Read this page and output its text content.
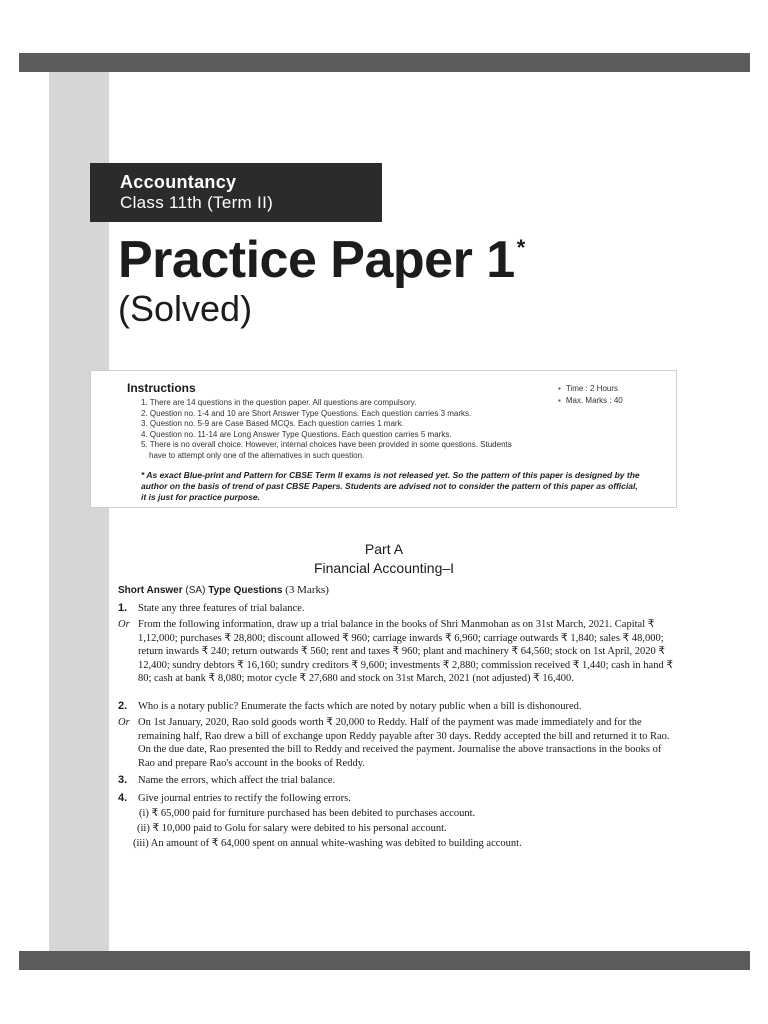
Accountancy
Class 11th (Term II)
Practice Paper 1*
(Solved)
Instructions
1. There are 14 questions in the question paper. All questions are compulsory.
2. Question no. 1-4 and 10 are Short Answer Type Questions. Each question carries 3 marks.
3. Question no. 5-9 are Case Based MCQs. Each question carries 1 mark.
4. Question no. 11-14 are Long Answer Type Questions. Each question carries 5 marks.
5. There is no overall choice. However, internal choices have been provided in some questions. Students
have to attempt only one of the alternatives in such question.
▪ Time : 2 Hours
▪ Max. Marks : 40
* As exact Blue-print and Pattern for CBSE Term II exams is not released yet. So the pattern of this paper is designed by the author on the basis of trend of past CBSE Papers. Students are advised not to consider the pattern of this paper as official, it is just for practice purpose.
Part A
Financial Accounting–I
Short Answer (SA) Type Questions (3 Marks)
1.	State any three features of trial balance.
Or From the following information, draw up a trial balance in the books of Shri Manmohan as on 31st March, 2021. Capital ₹ 1,12,000; purchases ₹ 28,800; discount allowed ₹ 960; carriage inwards ₹ 6,960; carriage outwards ₹ 1,840; sales ₹ 48,000; return inwards ₹ 240; return outwards ₹ 560; rent and taxes ₹ 960; plant and machinery ₹ 64,560; stock on 1st April, 2020 ₹ 12,400; sundry debtors ₹ 16,160; sundry creditors ₹ 9,600; investments ₹ 2,880; commission received ₹ 1,440; cash in hand ₹ 80; cash at bank ₹ 8,080; motor cycle ₹ 27,680 and stock on 31st March, 2021 (not adjusted) ₹ 16,400.
2.	Who is a notary public? Enumerate the facts which are noted by notary public when a bill is dishonoured.
Or On 1st January, 2020, Rao sold goods worth ₹ 20,000 to Reddy. Half of the payment was made immediately and for the remaining half, Rao drew a bill of exchange upon Reddy payable after 30 days. Reddy accepted the bill and returned it to Rao. On the due date, Rao presented the bill to Reddy and received the payment. Journalise the above transactions in the books of Rao and prepare Rao's account in the books of Reddy.
3.	Name the errors, which affect the trial balance.
4.	Give journal entries to rectify the following errors.
(i) ₹ 65,000 paid for furniture purchased has been debited to purchases account.
(ii) ₹ 10,000 paid to Golu for salary were debited to his personal account.
(iii) An amount of ₹ 64,000 spent on annual white-washing was debited to building account.
